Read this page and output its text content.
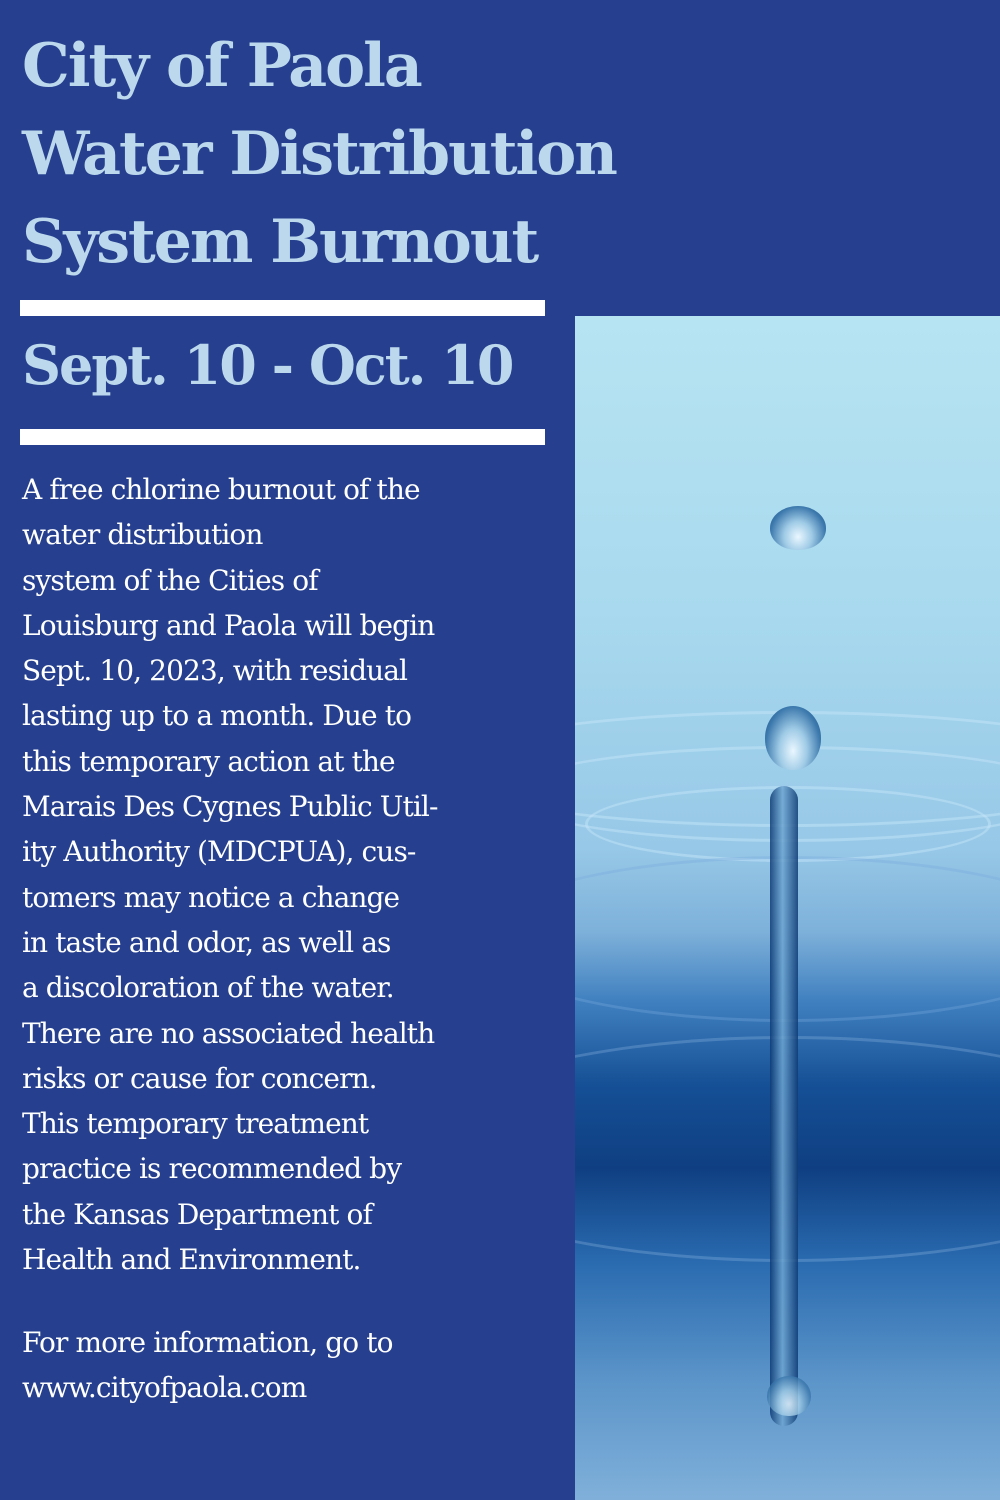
City of Paola
Water Distribution
System Burnout
Sept. 10 - Oct. 10
A free chlorine burnout of the
water distribution
system of the Cities of
Louisburg and Paola will begin
Sept. 10, 2023, with residual
lasting up to a month. Due to
this temporary action at the
Marais Des Cygnes Public Util-
ity Authority (MDCPUA), cus-
tomers may notice a change
in taste and odor, as well as
a discoloration of the water.
There are no associated health
risks or cause for concern.
This temporary treatment
practice is recommended by
the Kansas Department of
Health and Environment.
For more information, go to
www.cityofpaola.com
